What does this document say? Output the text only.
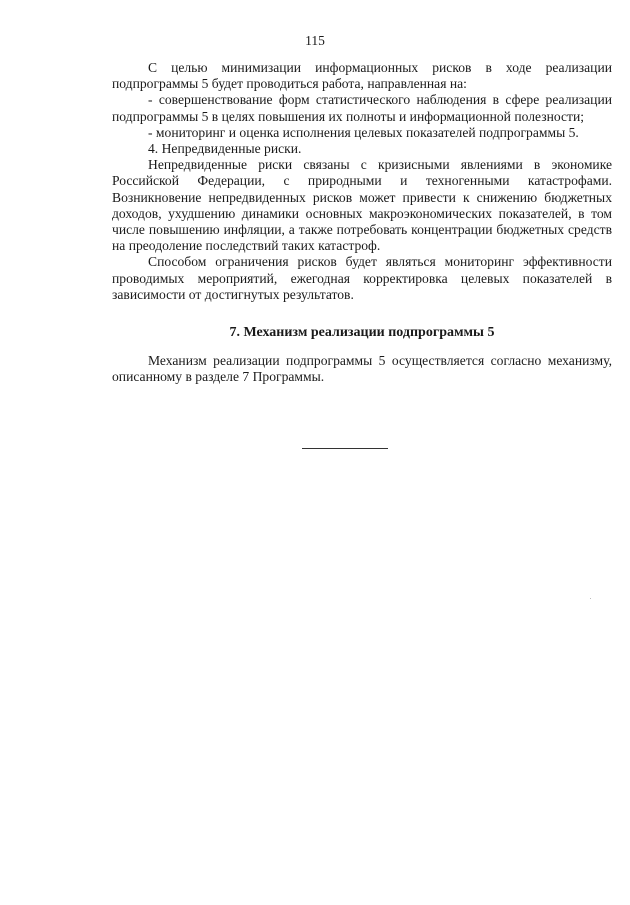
115

С целью минимизации информационных рисков в ходе реализации подпрограммы 5 будет проводиться работа, направленная на:

- совершенствование форм статистического наблюдения в сфере реализации подпрограммы 5 в целях повышения их полноты и информационной полезности;

- мониторинг и оценка исполнения целевых показателей подпрограммы 5.

4. Непредвиденные риски.

Непредвиденные риски связаны с кризисными явлениями в экономике Российской Федерации, с природными и техногенными катастрофами. Возникновение непредвиденных рисков может привести к снижению бюджетных доходов, ухудшению динамики основных макроэкономических показателей, в том числе повышению инфляции, а также потребовать концентрации бюджетных средств на преодоление последствий таких катастроф.

Способом ограничения рисков будет являться мониторинг эффективности проводимых мероприятий, ежегодная корректировка целевых показателей в зависимости от достигнутых результатов.

7. Механизм реализации подпрограммы 5

Механизм реализации подпрограммы 5 осуществляется согласно механизму, описанному в разделе 7 Программы.
